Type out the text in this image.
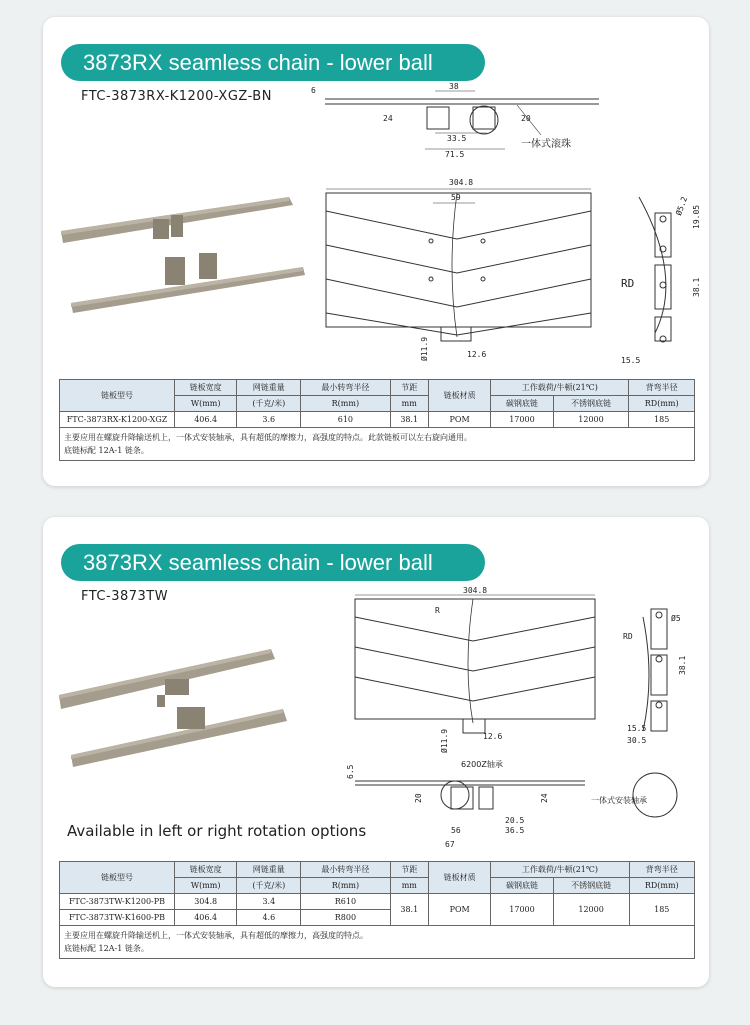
3873RX seamless chain - lower ball
FTC-3873RX-K1200-XGZ-BN
38
6
24	20
33.5
71.5
一体式滚珠
304.8
59
Ø11.9	12.6
Ø5.2 19.05
38.1
RD
15.5
链板型号	链板宽度	网链重量	最小转弯半径	节距	链板材质	工作载荷/牛顿(21℃)		背弯半径
	W(mm)	(千克/米)	R(mm)	mm		碳钢底链	不锈钢底链	RD(mm)
FTC-3873RX-K1200-XGZ	406.4	3.6	610	38.1	POM	17000	12000	185

主要应用在螺旋升降输送机上，一体式安装轴承，具有超低的摩擦力，高强度的特点。此款链板可以左右旋向通用。
底链标配 12A-1 链条。								
3873RX seamless chain - lower ball
FTC-3873TW
Available in left or right rotation options
304.8
R
Ø11.9	12.6
Ø5
RD
38.1
15.5
30.5
6.5
6200Z轴承
20	24
20.5
36.5
56
67
一体式安装轴承
链板型号	链板宽度	网链重量	最小转弯半径	节距	链板材质	工作载荷/牛顿(21℃)		背弯半径
	W(mm)	(千克/米)	R(mm)	mm		碳钢底链	不锈钢底链	RD(mm)
FTC-3873TW-K1200-PB	304.8	3.4	R610	38.1	POM	17000	12000	185
FTC-3873TW-K1600-PB	406.4	4.6	R800					

主要应用在螺旋升降输送机上，一体式安装轴承，具有超低的摩擦力，高强度的特点。
底链标配 12A-1 链条。								
